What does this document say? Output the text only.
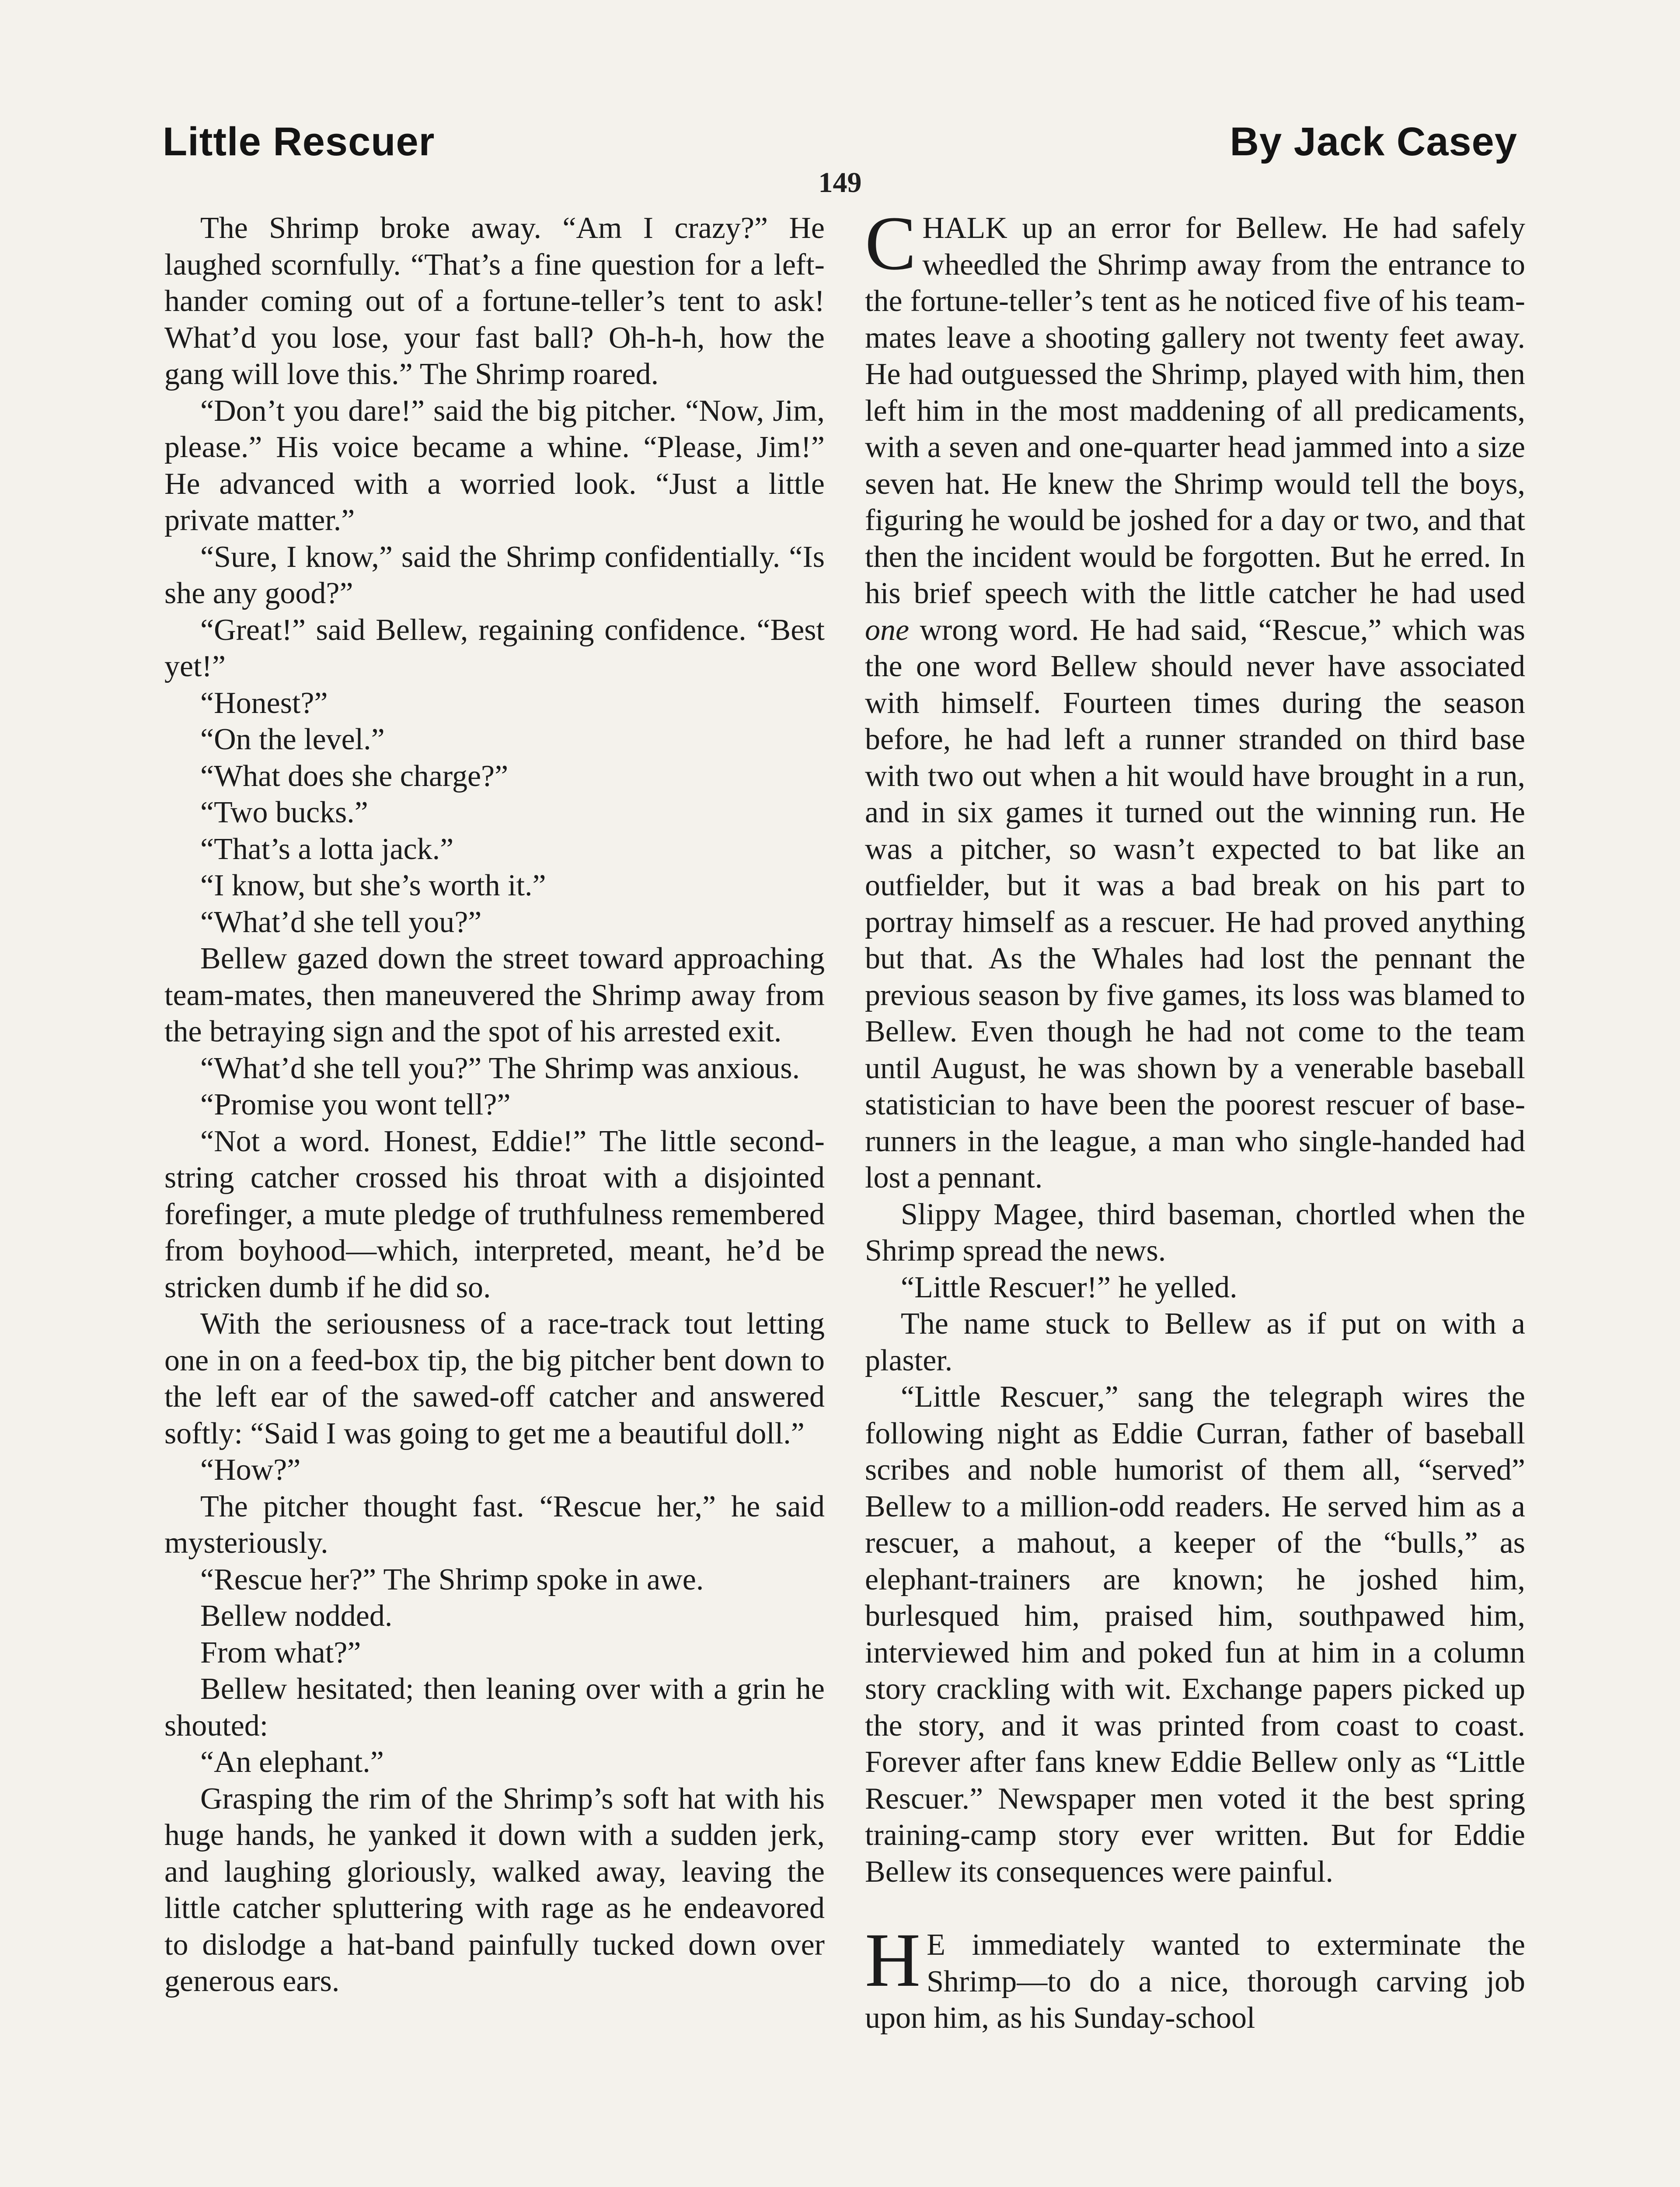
Little Rescuer	By Jack Casey
149

The Shrimp broke away. “Am I crazy?” He laughed scornfully. “That’s a fine question for a left-hander coming out of a fortune-teller’s tent to ask! What’d you lose, your fast ball? Oh-h-h, how the gang will love this.” The Shrimp roared.

“Don’t you dare!” said the big pitcher. “Now, Jim, please.” His voice became a whine. “Please, Jim!” He advanced with a worried look. “Just a little private matter.”

“Sure, I know,” said the Shrimp confidentially. “Is she any good?”

“Great!” said Bellew, regaining confidence. “Best yet!”

“Honest?”

“On the level.”

“What does she charge?”

“Two bucks.”

“That’s a lotta jack.”

“I know, but she’s worth it.”

“What’d she tell you?”

Bellew gazed down the street toward approaching team-mates, then maneuvered the Shrimp away from the betraying sign and the spot of his arrested exit.

“What’d she tell you?” The Shrimp was anxious.

“Promise you wont tell?”

“Not a word. Honest, Eddie!” The little second-string catcher crossed his throat with a disjointed forefinger, a mute pledge of truthfulness remembered from boyhood—which, interpreted, meant, he’d be stricken dumb if he did so.

With the seriousness of a race-track tout letting one in on a feed-box tip, the big pitcher bent down to the left ear of the sawed-off catcher and answered softly: “Said I was going to get me a beautiful doll.”

“How?”

The pitcher thought fast. “Rescue her,” he said mysteriously.

“Rescue her?” The Shrimp spoke in awe.

Bellew nodded.

From what?”

Bellew hesitated; then leaning over with a grin he shouted:

“An elephant.”

Grasping the rim of the Shrimp’s soft hat with his huge hands, he yanked it down with a sudden jerk, and laughing gloriously, walked away, leaving the little catcher spluttering with rage as he endeavored to dislodge a hat-band painfully tucked down over generous ears.

CHALK up an error for Bellew. He had safely wheedled the Shrimp away from the entrance to the fortune-teller’s tent as he noticed five of his team-mates leave a shooting gallery not twenty feet away. He had outguessed the Shrimp, played with him, then left him in the most maddening of all predicaments, with a seven and one-quarter head jammed into a size seven hat. He knew the Shrimp would tell the boys, figuring he would be joshed for a day or two, and that then the incident would be forgotten. But he erred. In his brief speech with the little catcher he had used one wrong word. He had said, “Rescue,” which was the one word Bellew should never have associated with himself. Fourteen times during the season before, he had left a runner stranded on third base with two out when a hit would have brought in a run, and in six games it turned out the winning run. He was a pitcher, so wasn’t expected to bat like an outfielder, but it was a bad break on his part to portray himself as a rescuer. He had proved anything but that. As the Whales had lost the pennant the previous season by five games, its loss was blamed to Bellew. Even though he had not come to the team until August, he was shown by a venerable baseball statistician to have been the poorest rescuer of base-runners in the league, a man who single-handed had lost a pennant.

Slippy Magee, third baseman, chortled when the Shrimp spread the news.

“Little Rescuer!” he yelled.

The name stuck to Bellew as if put on with a plaster.

“Little Rescuer,” sang the telegraph wires the following night as Eddie Curran, father of baseball scribes and noble humorist of them all, “served” Bellew to a million-odd readers. He served him as a rescuer, a mahout, a keeper of the “bulls,” as elephant-trainers are known; he joshed him, burlesqued him, praised him, southpawed him, interviewed him and poked fun at him in a column story crackling with wit. Exchange papers picked up the story, and it was printed from coast to coast. Forever after fans knew Eddie Bellew only as “Little Rescuer.” Newspaper men voted it the best spring training-camp story ever written. But for Eddie Bellew its consequences were painful.

H E immediately wanted to exterminate the Shrimp—to do a nice, thorough carving job upon him, as his Sunday-school
